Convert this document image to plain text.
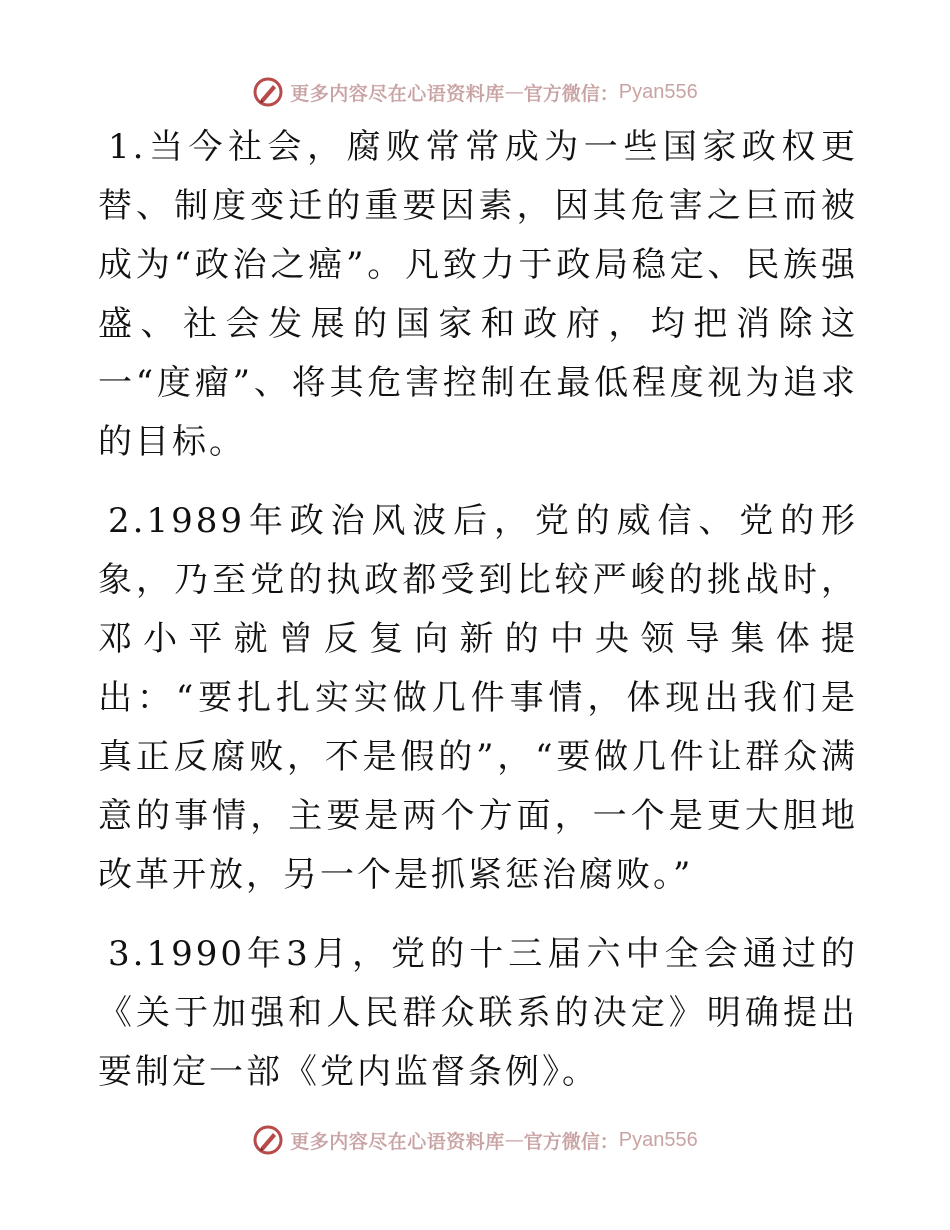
更多内容尽在心语资料库 — 官方微信： Pyan556

1.当今社会，腐败常常成为一些国家政权更替、制度变迁的重要因素，因其危害之巨而被成为“政治之癌”。凡致力于政局稳定、民族强盛、社会发展的国家和政府，均把消除这一“度瘤”、将其危害控制在最低程度视为追求的目标。

2.1989年政治风波后，党的威信、党的形象，乃至党的执政都受到比较严峻的挑战时，邓小平就曾反复向新的中央领导集体提出：“要扎扎实实做几件事情，体现出我们是真正反腐败，不是假的”，“要做几件让群众满意的事情，主要是两个方面，一个是更大胆地改革开放，另一个是抓紧惩治腐败。”

3.1990年3月，党的十三届六中全会通过的《关于加强和人民群众联系的决定》明确提出要制定一部《党内监督条例》。

更多内容尽在心语资料库 — 官方微信： Pyan556
